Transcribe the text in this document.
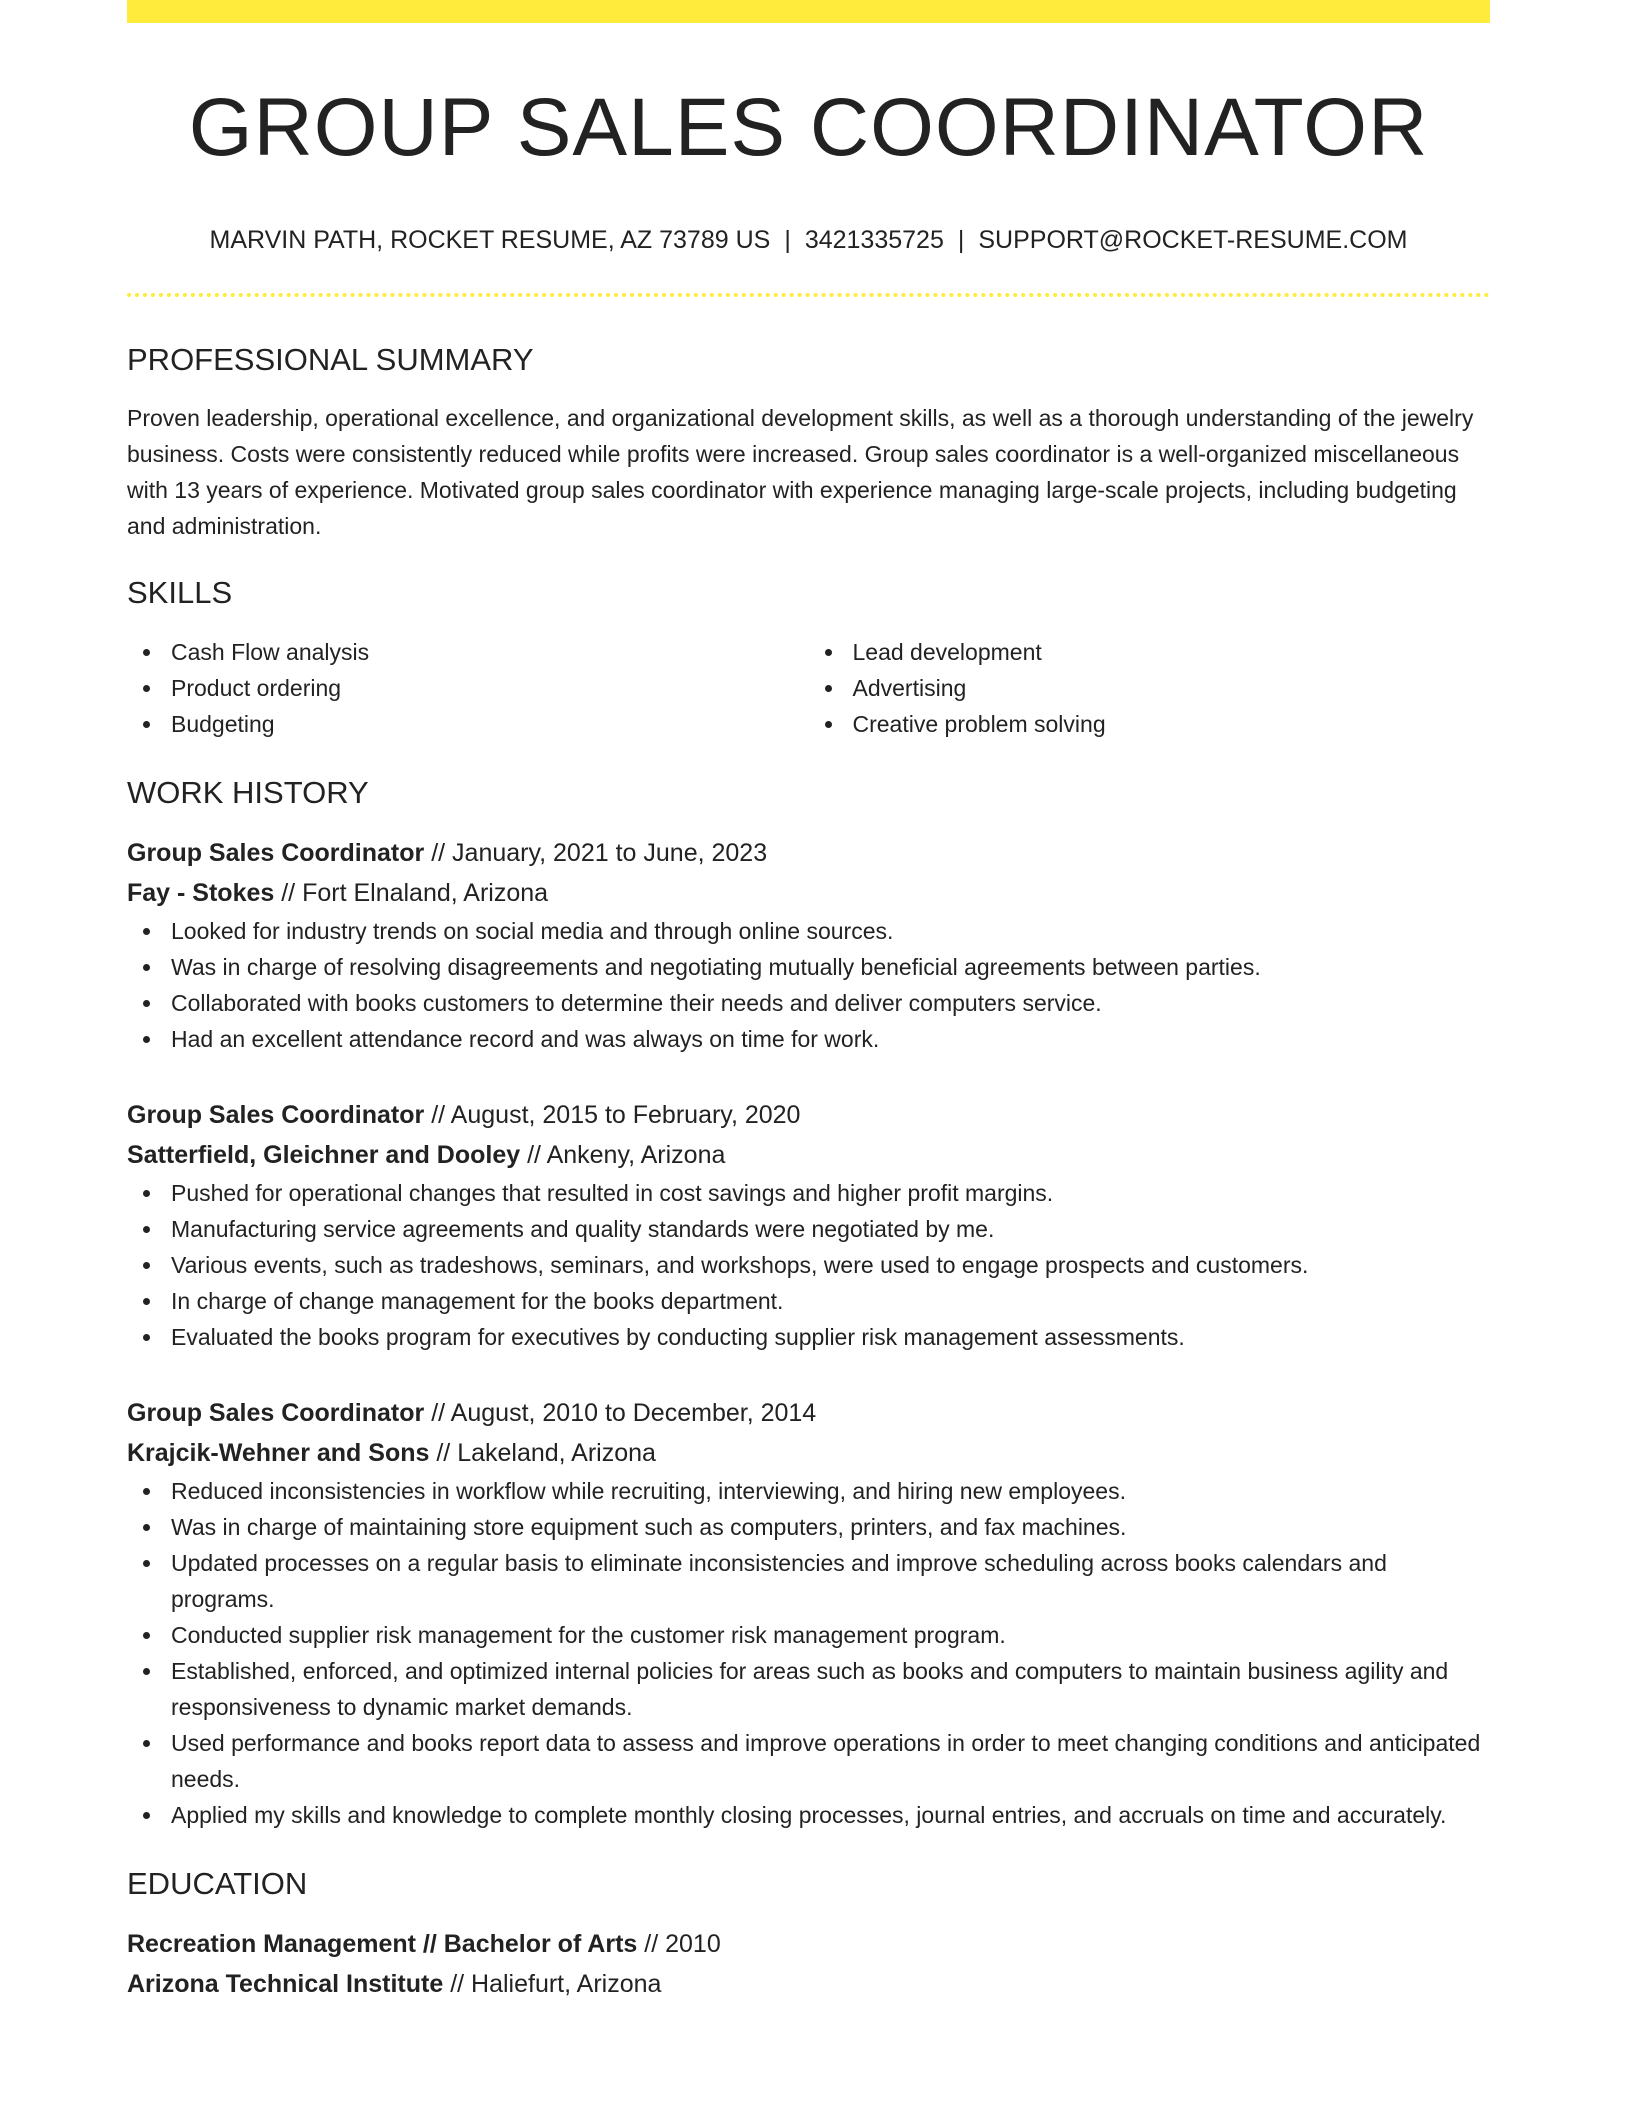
GROUP SALES COORDINATOR
MARVIN PATH, ROCKET RESUME, AZ 73789 US | 3421335725 | SUPPORT@ROCKET-RESUME.COM
PROFESSIONAL SUMMARY
Proven leadership, operational excellence, and organizational development skills, as well as a thorough understanding of the jewelry business. Costs were consistently reduced while profits were increased. Group sales coordinator is a well-organized miscellaneous with 13 years of experience. Motivated group sales coordinator with experience managing large-scale projects, including budgeting and administration.
SKILLS
Cash Flow analysis
Product ordering
Budgeting
Lead development
Advertising
Creative problem solving
WORK HISTORY
Group Sales Coordinator // January, 2021 to June, 2023
Fay - Stokes // Fort Elnaland, Arizona
Looked for industry trends on social media and through online sources.
Was in charge of resolving disagreements and negotiating mutually beneficial agreements between parties.
Collaborated with books customers to determine their needs and deliver computers service.
Had an excellent attendance record and was always on time for work.
Group Sales Coordinator // August, 2015 to February, 2020
Satterfield, Gleichner and Dooley // Ankeny, Arizona
Pushed for operational changes that resulted in cost savings and higher profit margins.
Manufacturing service agreements and quality standards were negotiated by me.
Various events, such as tradeshows, seminars, and workshops, were used to engage prospects and customers.
In charge of change management for the books department.
Evaluated the books program for executives by conducting supplier risk management assessments.
Group Sales Coordinator // August, 2010 to December, 2014
Krajcik-Wehner and Sons // Lakeland, Arizona
Reduced inconsistencies in workflow while recruiting, interviewing, and hiring new employees.
Was in charge of maintaining store equipment such as computers, printers, and fax machines.
Updated processes on a regular basis to eliminate inconsistencies and improve scheduling across books calendars and programs.
Conducted supplier risk management for the customer risk management program.
Established, enforced, and optimized internal policies for areas such as books and computers to maintain business agility and responsiveness to dynamic market demands.
Used performance and books report data to assess and improve operations in order to meet changing conditions and anticipated needs.
Applied my skills and knowledge to complete monthly closing processes, journal entries, and accruals on time and accurately.
EDUCATION
Recreation Management // Bachelor of Arts // 2010
Arizona Technical Institute // Haliefurt, Arizona
